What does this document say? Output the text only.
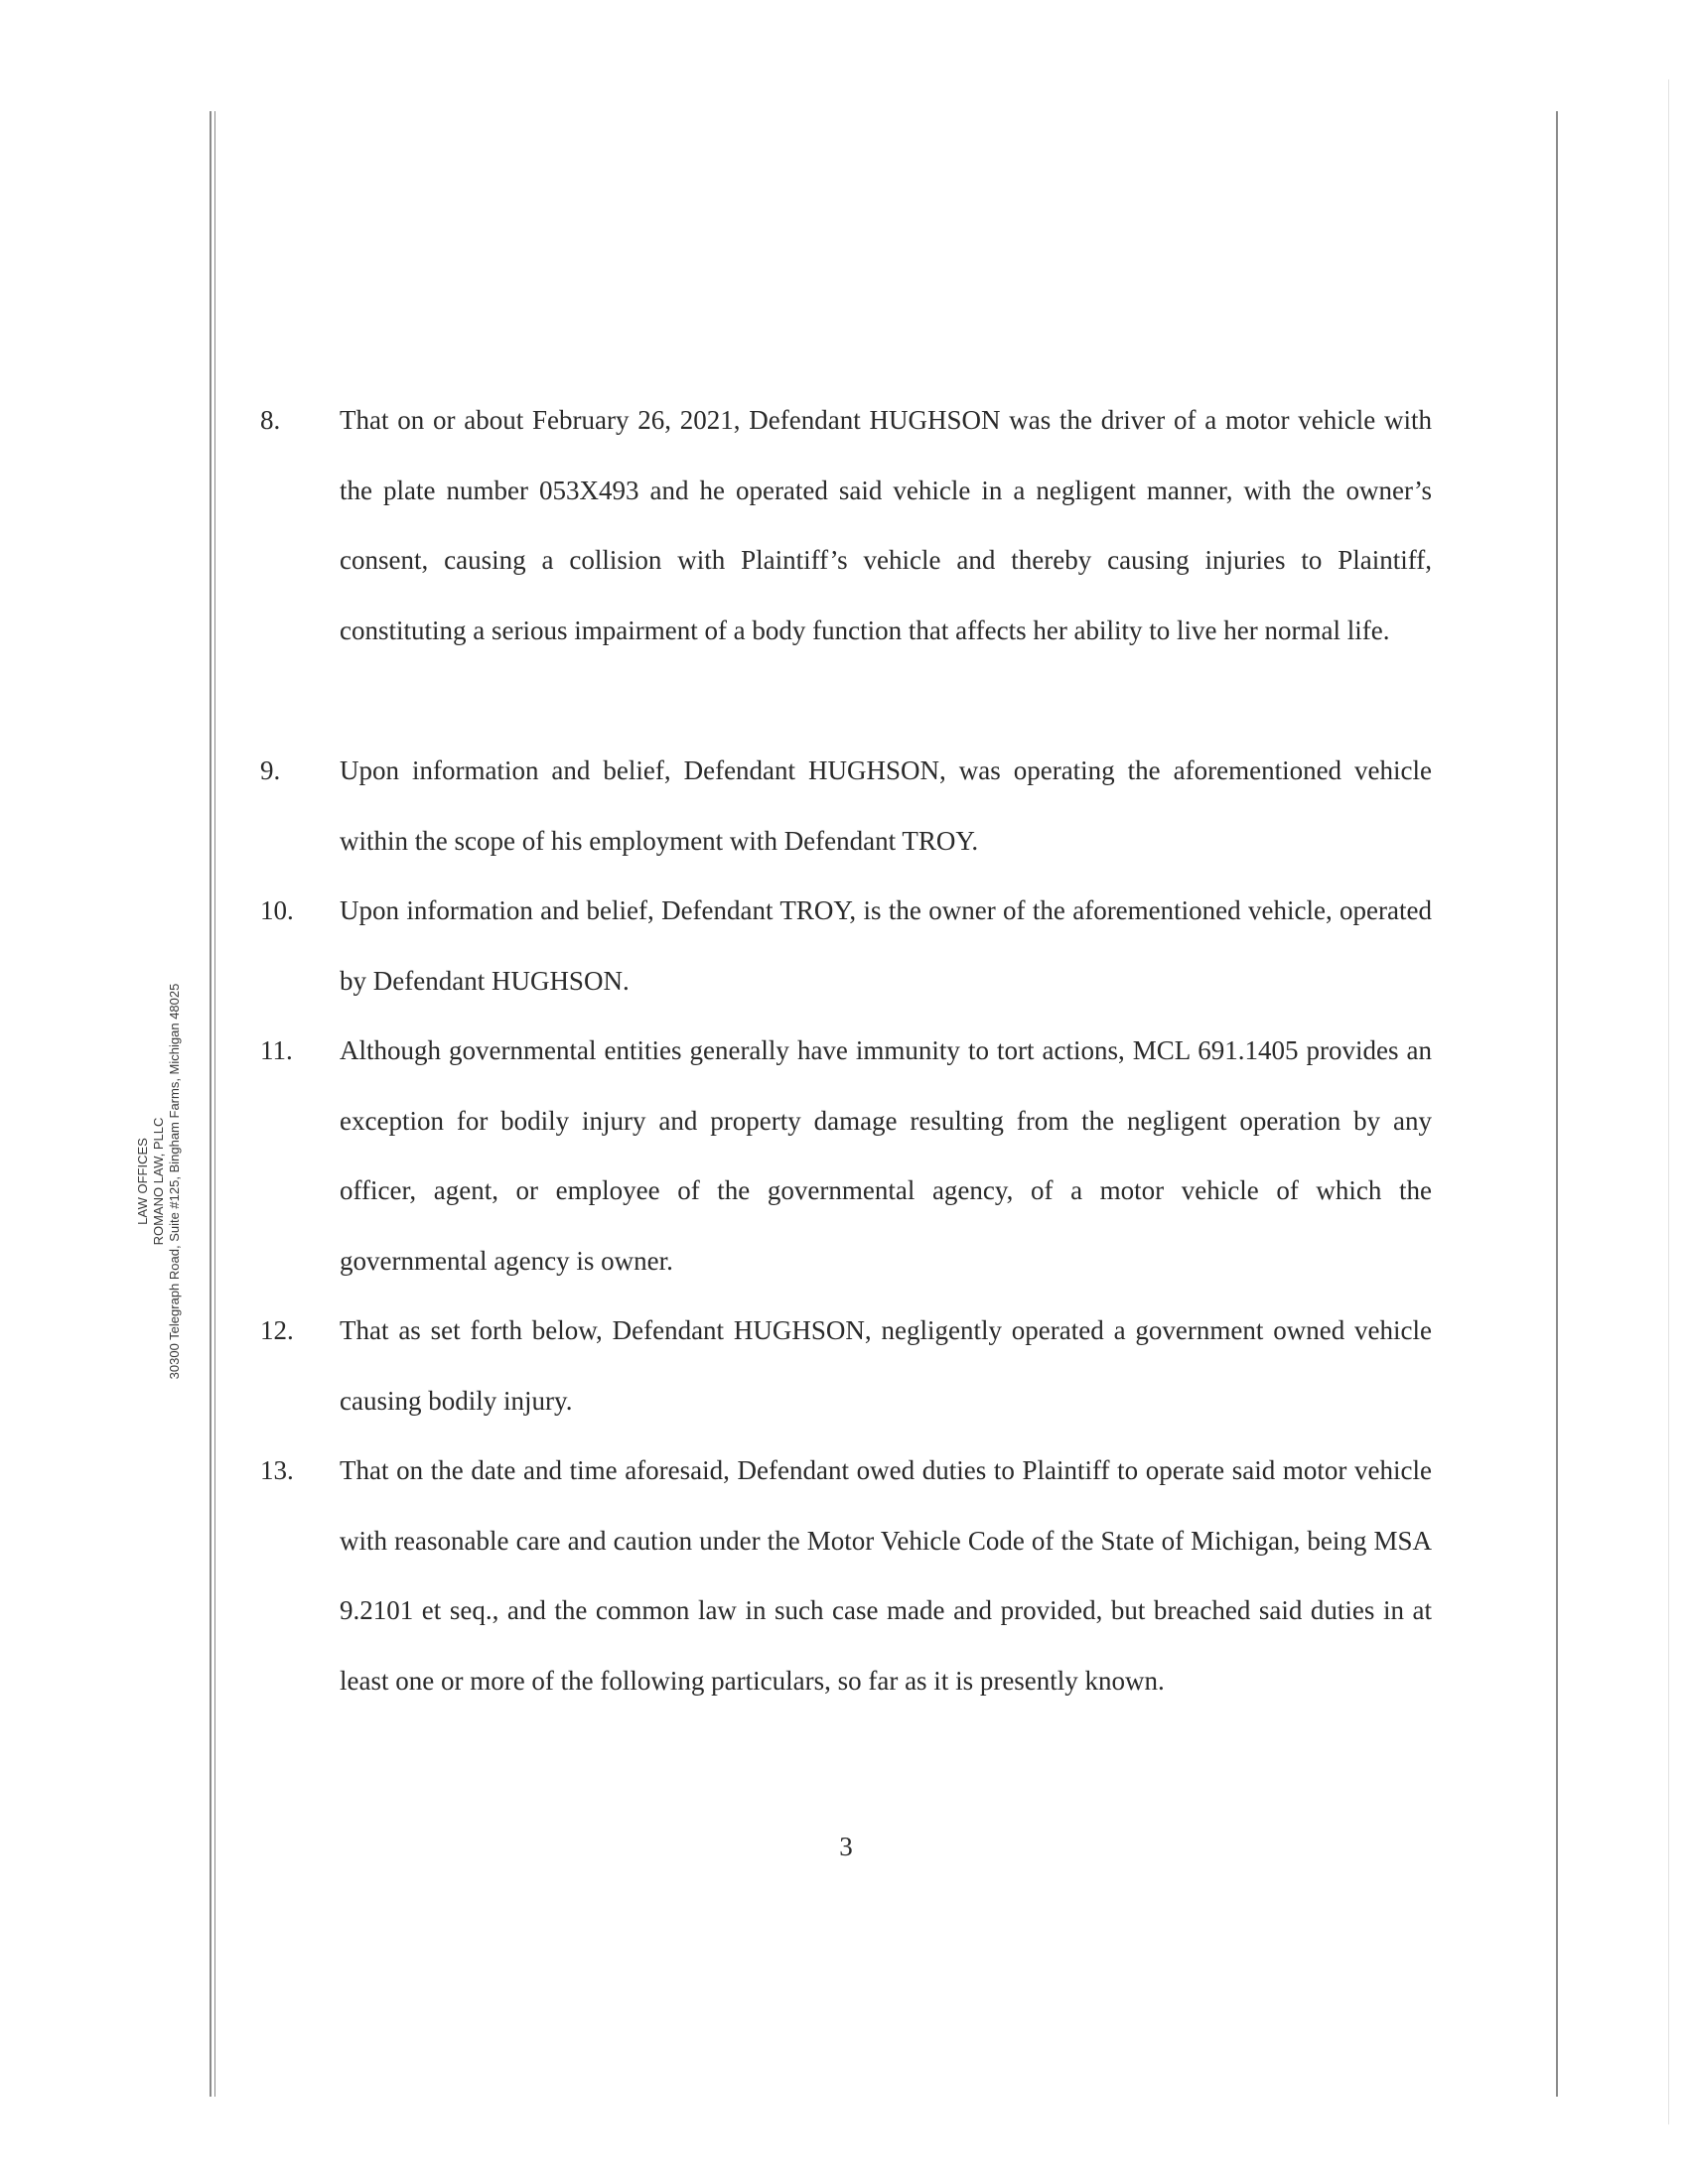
LAW OFFICES ROMANO LAW, PLLC 30300 Telegraph Road, Suite #125, Bingham Farms, Michigan 48025
8. That on or about February 26, 2021, Defendant HUGHSON was the driver of a motor vehicle with the plate number 053X493 and he operated said vehicle in a negligent manner, with the owner’s consent, causing a collision with Plaintiff’s vehicle and thereby causing injuries to Plaintiff, constituting a serious impairment of a body function that affects her ability to live her normal life.
9. Upon information and belief, Defendant HUGHSON, was operating the aforementioned vehicle within the scope of his employment with Defendant TROY.
10. Upon information and belief, Defendant TROY, is the owner of the aforementioned vehicle, operated by Defendant HUGHSON.
11. Although governmental entities generally have immunity to tort actions, MCL 691.1405 provides an exception for bodily injury and property damage resulting from the negligent operation by any officer, agent, or employee of the governmental agency, of a motor vehicle of which the governmental agency is owner.
12. That as set forth below, Defendant HUGHSON, negligently operated a government owned vehicle causing bodily injury.
13. That on the date and time aforesaid, Defendant owed duties to Plaintiff to operate said motor vehicle with reasonable care and caution under the Motor Vehicle Code of the State of Michigan, being MSA 9.2101 et seq., and the common law in such case made and provided, but breached said duties in at least one or more of the following particulars, so far as it is presently known.
3
